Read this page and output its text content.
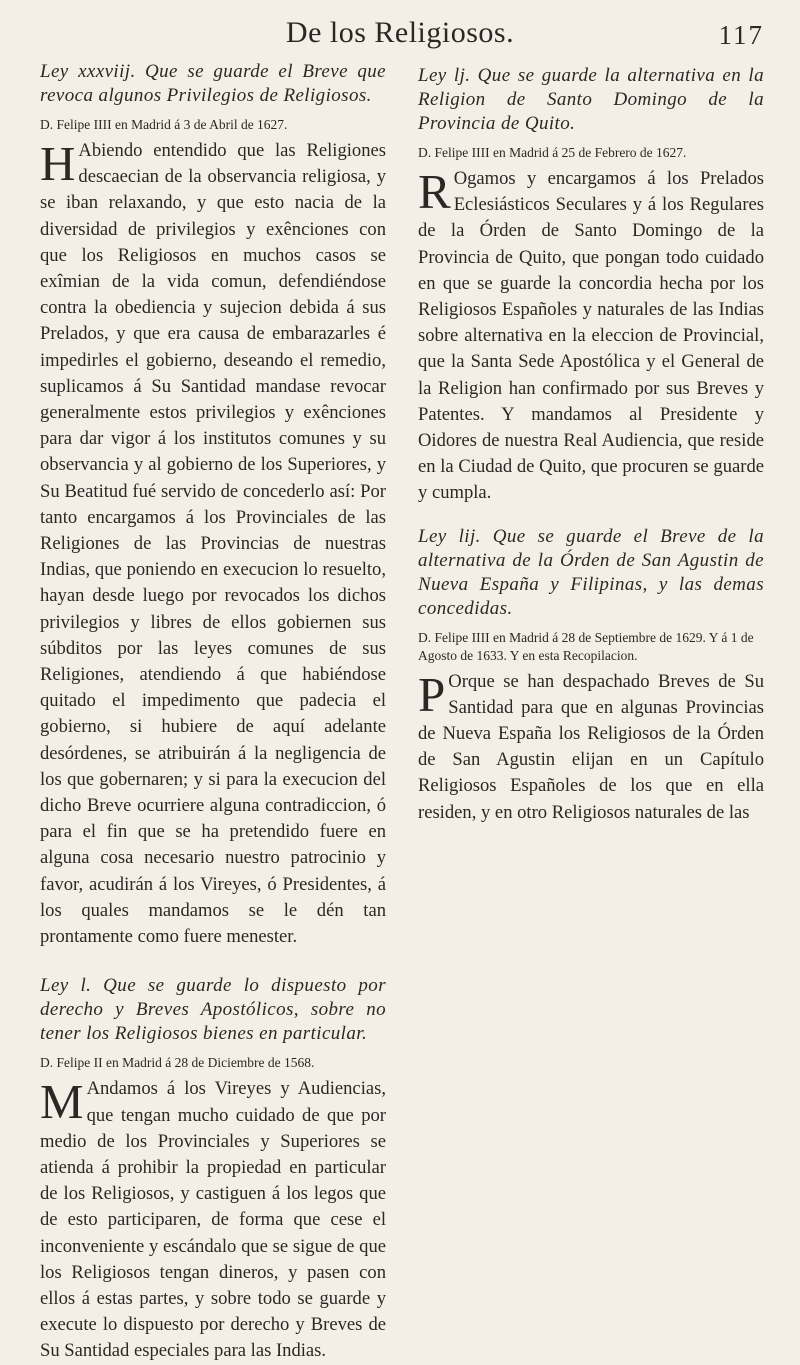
De los Religiosos.	117

Ley xxxviij. Que se guarde el Breve que revoca algunos Privilegios de Religiosos.

D. Felipe IIII en Madrid á 3 de Abril de 1627.

H Abiendo entendido que las Religiones descaecian de la observancia religiosa, y se iban relaxando, y que esto nacia de la diversidad de privilegios y exênciones con que los Religiosos en muchos casos se exîmian de la vida comun, defendiéndose contra la obediencia y sujecion debida á sus Prelados, y que era causa de embarazarles é impedirles el gobierno, deseando el remedio, suplicamos á Su Santidad mandase revocar generalmente estos privilegios y exênciones para dar vigor á los institutos comunes y su observancia y al gobierno de los Superiores, y Su Beatitud fué servido de concederlo así: Por tanto encargamos á los Provinciales de las Religiones de las Provincias de nuestras Indias, que poniendo en execucion lo resuelto, hayan desde luego por revocados los dichos privilegios y libres de ellos gobiernen sus súbditos por las leyes comunes de sus Religiones, atendiendo á que habiéndose quitado el impedimento que padecia el gobierno, si hubiere de aquí adelante desórdenes, se atribuirán á la negligencia de los que gobernaren; y si para la execucion del dicho Breve ocurriere alguna contradiccion, ó para el fin que se ha pretendido fuere en alguna cosa necesario nuestro patrocinio y favor, acudirán á los Vireyes, ó Presidentes, á los quales mandamos se le dén tan prontamente como fuere menester.

Ley l. Que se guarde lo dispuesto por derecho y Breves Apostólicos, sobre no tener los Religiosos bienes en particular.

D. Felipe II en Madrid á 28 de Diciembre de 1568.

M Andamos á los Vireyes y Audiencias, que tengan mucho cuidado de que por medio de los Provinciales y Superiores se atienda á prohibir la propiedad en particular de los Religiosos, y castiguen á los legos que de esto participaren, de forma que cese el inconveniente y escándalo que se sigue de que los Religiosos tengan dineros, y pasen con ellos á estas partes, y sobre todo se guarde y execute lo dispuesto por derecho y Breves de Su Santidad especiales para las Indias.

Ley lj. Que se guarde la alternativa en la Religion de Santo Domingo de la Provincia de Quito.

D. Felipe IIII en Madrid á 25 de Febrero de 1627.

R Ogamos y encargamos á los Prelados Eclesiásticos Seculares y á los Regulares de la Órden de Santo Domingo de la Provincia de Quito, que pongan todo cuidado en que se guarde la concordia hecha por los Religiosos Españoles y naturales de las Indias sobre alternativa en la eleccion de Provincial, que la Santa Sede Apostólica y el General de la Religion han confirmado por sus Breves y Patentes. Y mandamos al Presidente y Oidores de nuestra Real Audiencia, que reside en la Ciudad de Quito, que procuren se guarde y cumpla.

Ley lij. Que se guarde el Breve de la alternativa de la Órden de San Agustin de Nueva España y Filipinas, y las demas concedidas.

D. Felipe IIII en Madrid á 28 de Septiembre de 1629. Y á 1 de Agosto de 1633. Y en esta Recopilacion.

P Orque se han despachado Breves de Su Santidad para que en algunas Provincias de Nueva España los Religiosos de la Órden de San Agustin elijan en un Capítulo Religiosos Españoles de los que en ella residen, y en otro Religiosos naturales de las
